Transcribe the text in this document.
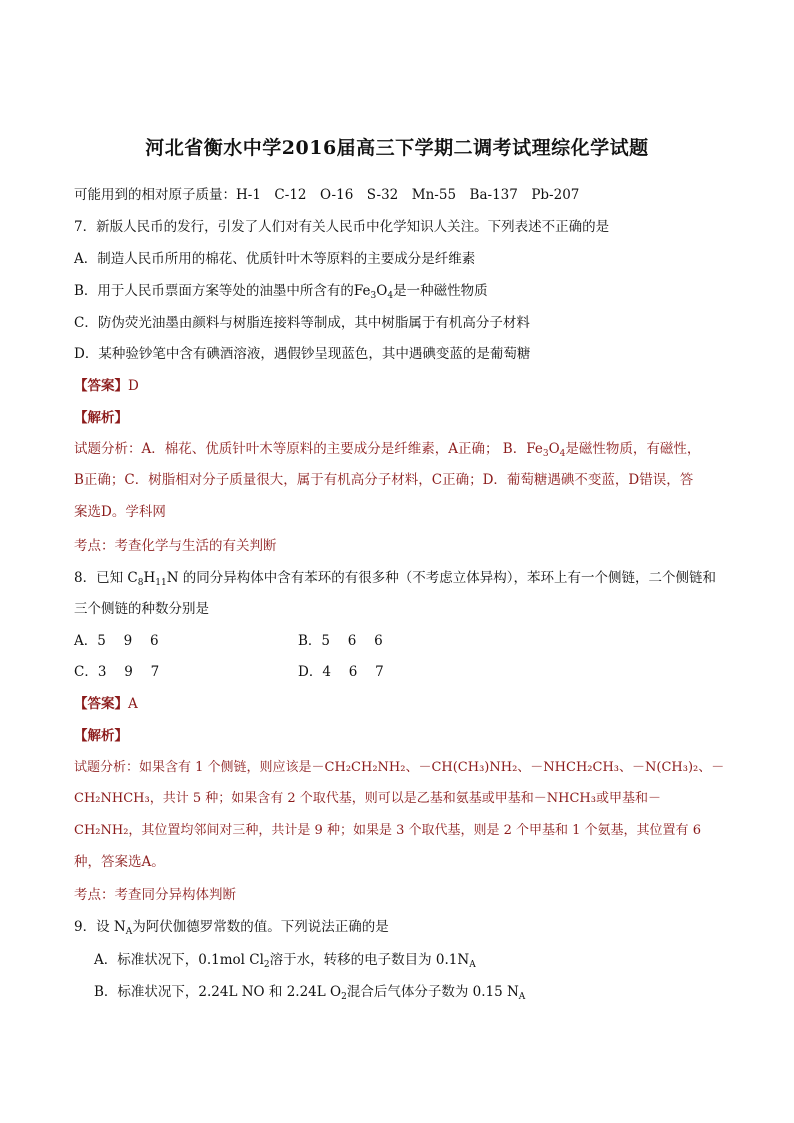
河北省衡水中学2016届高三下学期二调考试理综化学试题
可能用到的相对原子质量：H-1　C-12　O-16　S-32　Mn-55　Ba-137　Pb-207
7．新版人民币的发行，引发了人们对有关人民币中化学知识人关注。下列表述不正确的是
A．制造人民币所用的棉花、优质针叶木等原料的主要成分是纤维素
B．用于人民币票面方案等处的油墨中所含有的$Fe_3O_4$是一种磁性物质
C．防伪荧光油墨由颜料与树脂连接料等制成，其中树脂属于有机高分子材料
D．某种验钞笔中含有碘酒溶液，遇假钞呈现蓝色，其中遇碘变蓝的是葡萄糖
【答案】D
【解析】
试题分析：A．棉花、优质针叶木等原料的主要成分是纤维素，A正确； B．$Fe_3O_4$是磁性物质，有磁性，
B正确；C．树脂相对分子质量很大，属于有机高分子材料，C正确；D．葡萄糖遇碘不变蓝，D错误，答
案选D。学科网
考点：考查化学与生活的有关判断
8．已知 $C_8H_{11}N$ 的同分异构体中含有苯环的有很多种（不考虑立体异构），苯环上有一个侧链，二个侧链和
三个侧链的种数分别是
A．5　 9　 6	B．5　 6　 6
C．3　 9　 7	D．4　 6　 7
【答案】A
【解析】
试题分析：如果含有 1 个侧链，则应该是－CH₂CH₂NH₂、－CH(CH₃)NH₂、－NHCH₂CH₃、－N(CH₃)₂、－
CH₂NHCH₃，共计 5 种；如果含有 2 个取代基，则可以是乙基和氨基或甲基和－NHCH₃或甲基和－
CH₂NH₂，其位置均邻间对三种，共计是 9 种；如果是 3 个取代基，则是 2 个甲基和 1 个氨基，其位置有 6
种，答案选A。
考点：考查同分异构体判断
9．设 $N_A$为阿伏伽德罗常数的值。下列说法正确的是
A．标准状况下，0.1mol $Cl_2$溶于水，转移的电子数目为 $0.1N_A$
B．标准状况下，2.24L NO 和 2.24L $O_2$混合后气体分子数为 0.15 $N_A$
